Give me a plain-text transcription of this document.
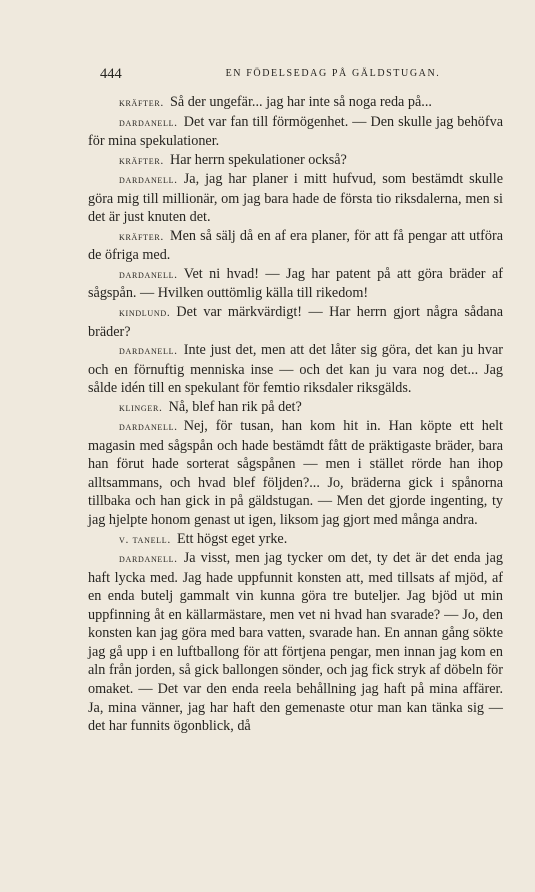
444	EN FÖDELSEDAG PÅ GÄLDSTUGAN.

kräfter. Så der ungefär... jag har inte så noga reda på...

dardanell. Det var fan till förmögenhet. — Den skulle jag behöfva för mina spekulationer.

kräfter. Har herrn spekulationer också?

dardanell. Ja, jag har planer i mitt hufvud, som bestämdt skulle göra mig till millionär, om jag bara hade de första tio riksdalerna, men si det är just knuten det.

kräfter. Men så sälj då en af era planer, för att få pengar att utföra de öfriga med.

dardanell. Vet ni hvad! — Jag har patent på att göra bräder af sågspån. — Hvilken outtömlig källa till rikedom!

kindlund. Det var märkvärdigt! — Har herrn gjort några sådana bräder?

dardanell. Inte just det, men att det låter sig göra, det kan ju hvar och en förnuftig menniska inse — och det kan ju vara nog det... Jag sålde idén till en spekulant för femtio riksdaler riksgälds.

klinger. Nå, blef han rik på det?

dardanell. Nej, för tusan, han kom hit in. Han köpte ett helt magasin med sågspån och hade bestämdt fått de präktigaste bräder, bara han förut hade sorterat sågspånen — men i stället rörde han ihop alltsammans, och hvad blef följden?... Jo, bräderna gick i spånorna tillbaka och han gick in på gäldstugan. — Men det gjorde ingenting, ty jag hjelpte honom genast ut igen, liksom jag gjort med många andra.

v. tanell. Ett högst eget yrke.

dardanell. Ja visst, men jag tycker om det, ty det är det enda jag haft lycka med. Jag hade uppfunnit konsten att, med tillsats af mjöd, af en enda butelj gammalt vin kunna göra tre buteljer. Jag bjöd ut min uppfinning åt en källarmästare, men vet ni hvad han svarade? — Jo, den konsten kan jag göra med bara vatten, svarade han. En annan gång sökte jag gå upp i en luftballong för att förtjena pengar, men innan jag kom en aln från jorden, så gick ballongen sönder, och jag fick stryk af döbeln för omaket. — Det var den enda reela behållning jag haft på mina affärer. Ja, mina vänner, jag har haft den gemenaste otur man kan tänka sig — det har funnits ögonblick, då
